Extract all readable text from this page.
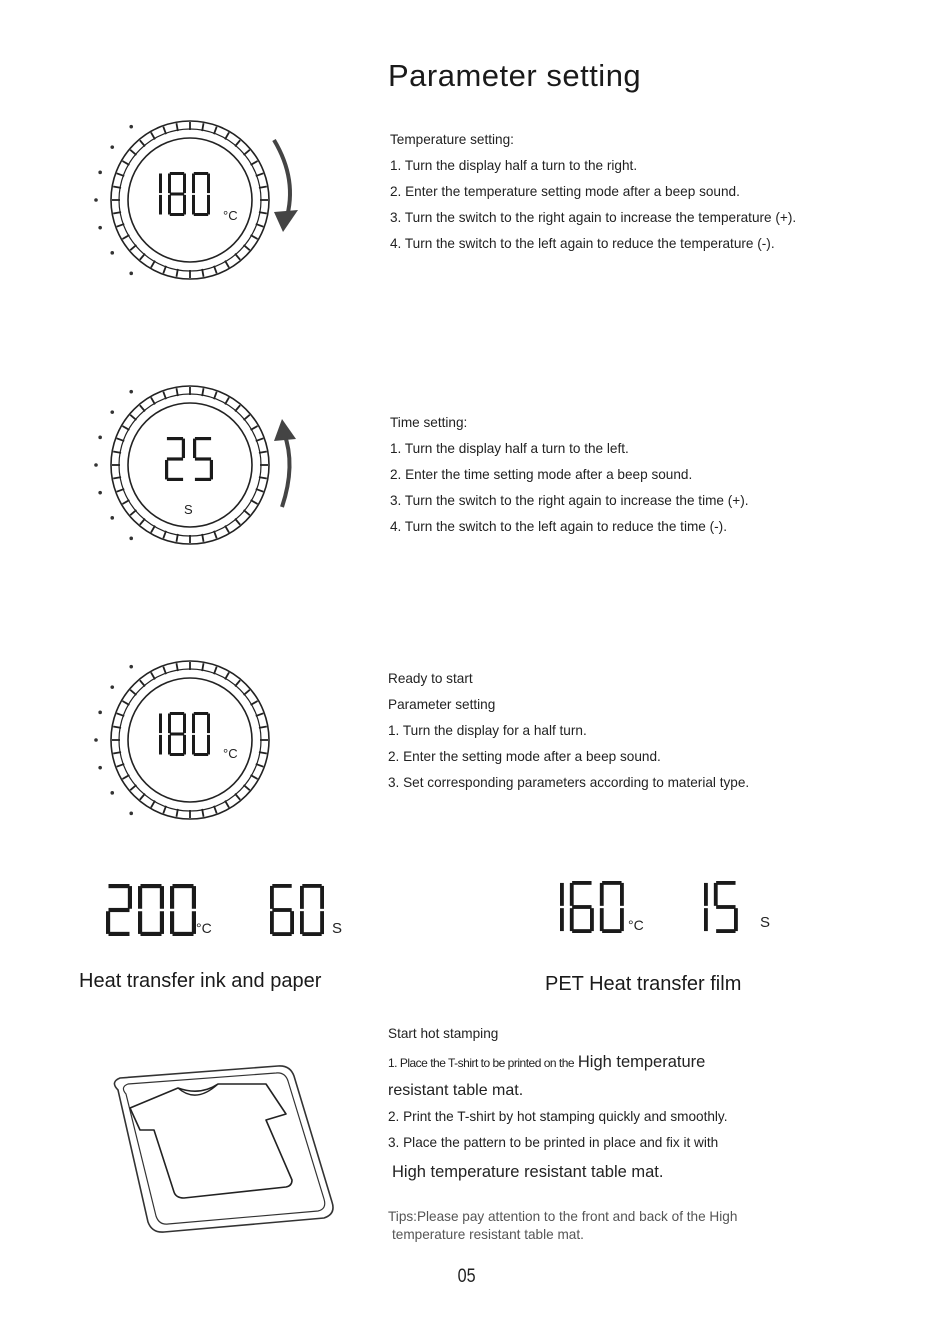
Parameter setting
°C
Temperature setting:
1. Turn the display half a turn to the right.
2. Enter the temperature setting mode after a beep sound.
3. Turn the switch to the right again to increase the temperature (+).
4. Turn the switch to the left again to reduce the temperature (-).
S
Time setting:
1. Turn the display half a turn to the left.
2. Enter the time setting mode after a beep sound.
3. Turn the switch to the right again to increase the time (+).
4. Turn the switch to the left again to reduce the time (-).
°C
Ready to start
Parameter setting
1. Turn the display for a half turn.
2. Enter the setting mode after a beep sound.
3. Set corresponding parameters according to material type.
°C	S
Heat transfer ink and paper
°C	S
PET Heat transfer film
Start hot stamping
1. Place the T-shirt to be printed on the High temperature
resistant table mat.
2. Print the T-shirt by hot stamping quickly and smoothly.
3. Place the pattern to be printed in place and fix it with
High temperature resistant table mat.
Tips:Please pay attention to the front and back of the High
temperature resistant table mat.
05
